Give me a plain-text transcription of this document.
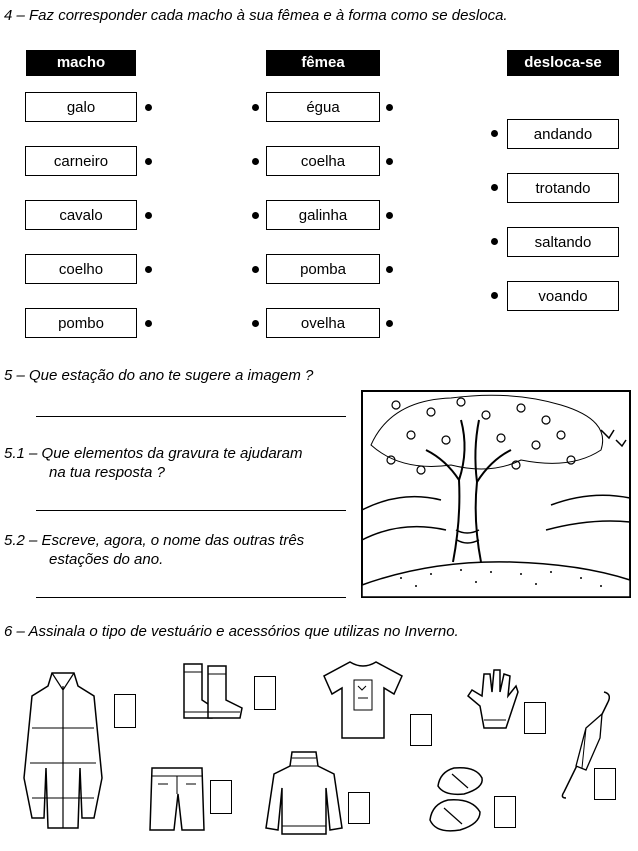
4 – Faz corresponder cada macho à sua fêmea e à forma como se desloca.
macho	fêmea	desloca-se
galo
carneiro
cavalo
coelho
pombo
égua
coelha
galinha
pomba
ovelha
andando
trotando
saltando
voando
5 – Que estação do ano te sugere a imagem ?
5.1 – Que elementos da gravura te ajudaram
na tua resposta ?
5.2 – Escreve, agora, o nome das outras três
estações do ano.
6 – Assinala o tipo de vestuário e acessórios que utilizas no Inverno.
